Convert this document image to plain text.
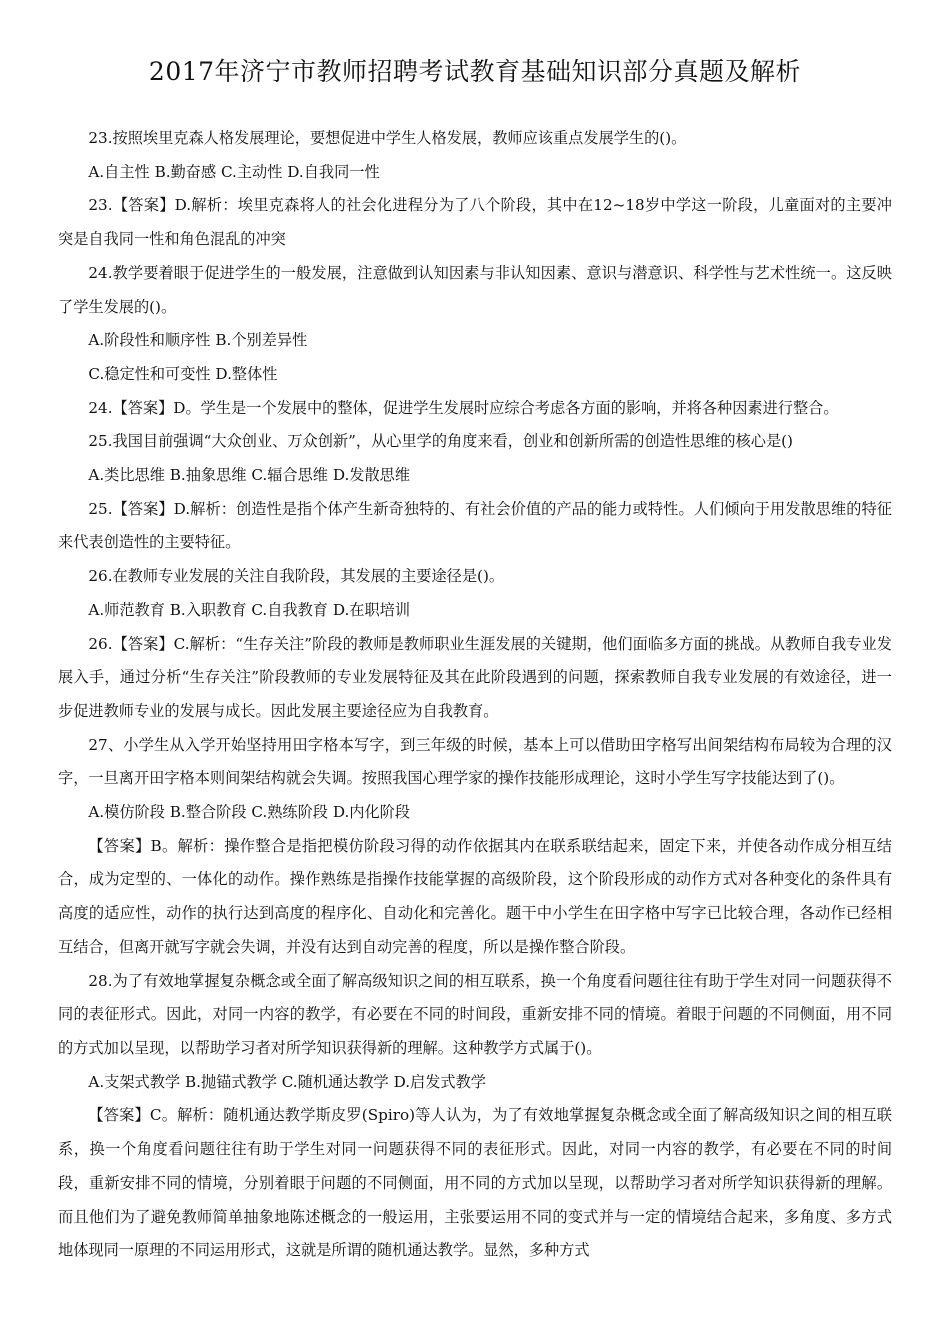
2017年济宁市教师招聘考试教育基础知识部分真题及解析

23.按照埃里克森人格发展理论，要想促进中学生人格发展，教师应该重点发展学生的()。

A.自主性 B.勤奋感 C.主动性 D.自我同一性

23.【答案】D.解析：埃里克森将人的社会化进程分为了八个阶段，其中在12~18岁中学这一阶段，儿童面对的主要冲突是自我同一性和角色混乱的冲突

24.教学要着眼于促进学生的一般发展，注意做到认知因素与非认知因素、意识与潜意识、科学性与艺术性统一。这反映了学生发展的()。

A.阶段性和顺序性 B.个别差异性

C.稳定性和可变性 D.整体性

24.【答案】D。学生是一个发展中的整体，促进学生发展时应综合考虑各方面的影响，并将各种因素进行整合。

25.我国目前强调“大众创业、万众创新”，从心里学的角度来看，创业和创新所需的创造性思维的核心是()

A.类比思维 B.抽象思维 C.辐合思维 D.发散思维

25.【答案】D.解析：创造性是指个体产生新奇独特的、有社会价值的产品的能力或特性。人们倾向于用发散思维的特征来代表创造性的主要特征。

26.在教师专业发展的关注自我阶段，其发展的主要途径是()。

A.师范教育 B.入职教育 C.自我教育 D.在职培训

26.【答案】C.解析：“生存关注”阶段的教师是教师职业生涯发展的关键期，他们面临多方面的挑战。从教师自我专业发展入手，通过分析“生存关注”阶段教师的专业发展特征及其在此阶段遇到的问题，探索教师自我专业发展的有效途径，进一步促进教师专业的发展与成长。因此发展主要途径应为自我教育。

27、小学生从入学开始坚持用田字格本写字，到三年级的时候，基本上可以借助田字格写出间架结构布局较为合理的汉字，一旦离开田字格本则间架结构就会失调。按照我国心理学家的操作技能形成理论，这时小学生写字技能达到了()。

A.模仿阶段 B.整合阶段 C.熟练阶段 D.内化阶段

【答案】B。解析：操作整合是指把模仿阶段习得的动作依据其内在联系联结起来，固定下来，并使各动作成分相互结合，成为定型的、一体化的动作。操作熟练是指操作技能掌握的高级阶段，这个阶段形成的动作方式对各种变化的条件具有高度的适应性，动作的执行达到高度的程序化、自动化和完善化。题干中小学生在田字格中写字已比较合理，各动作已经相互结合，但离开就写字就会失调，并没有达到自动完善的程度，所以是操作整合阶段。

28.为了有效地掌握复杂概念或全面了解高级知识之间的相互联系，换一个角度看问题往往有助于学生对同一问题获得不同的表征形式。因此，对同一内容的教学，有必要在不同的时间段，重新安排不同的情境。着眼于问题的不同侧面，用不同的方式加以呈现，以帮助学习者对所学知识获得新的理解。这种教学方式属于()。

A.支架式教学 B.抛锚式教学 C.随机通达教学 D.启发式教学

【答案】C。解析：随机通达教学斯皮罗(Spiro)等人认为，为了有效地掌握复杂概念或全面了解高级知识之间的相互联系，换一个角度看问题往往有助于学生对同一问题获得不同的表征形式。因此，对同一内容的教学，有必要在不同的时间段，重新安排不同的情境，分别着眼于问题的不同侧面，用不同的方式加以呈现，以帮助学习者对所学知识获得新的理解。而且他们为了避免教师简单抽象地陈述概念的一般运用，主张要运用不同的变式并与一定的情境结合起来，多角度、多方式地体现同一原理的不同运用形式，这就是所谓的随机通达教学。显然，多种方式
